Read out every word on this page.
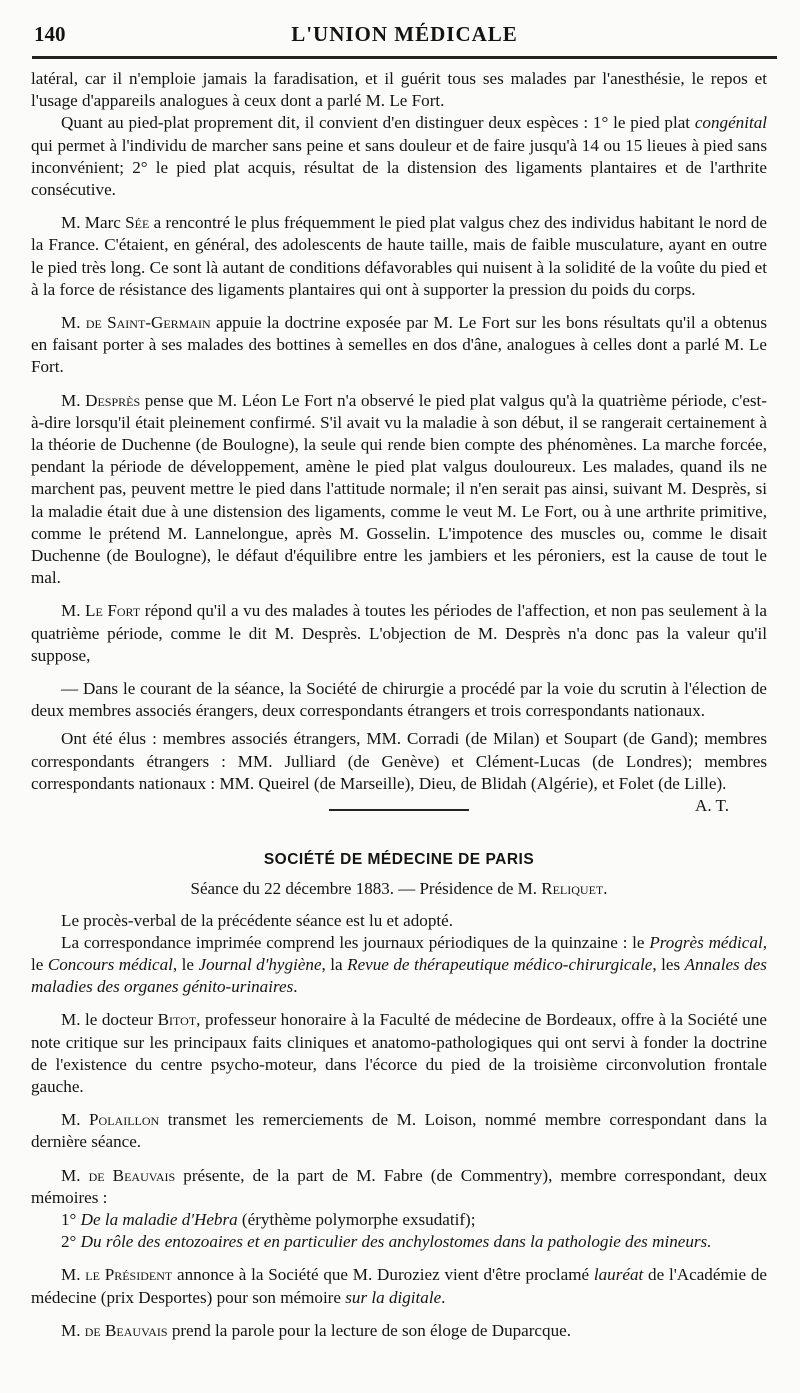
140	L'UNION MÉDICALE

latéral, car il n'emploie jamais la faradisation, et il guérit tous ses malades par l'anesthésie, le repos et l'usage d'appareils analogues à ceux dont a parlé M. Le Fort.

Quant au pied-plat proprement dit, il convient d'en distinguer deux espèces : 1° le pied plat congénital qui permet à l'individu de marcher sans peine et sans douleur et de faire jusqu'à 14 ou 15 lieues à pied sans inconvénient; 2° le pied plat acquis, résultat de la distension des ligaments plantaires et de l'arthrite consécutive.

M. Marc Sée a rencontré le plus fréquemment le pied plat valgus chez des individus habitant le nord de la France. C'étaient, en général, des adolescents de haute taille, mais de faible musculature, ayant en outre le pied très long. Ce sont là autant de conditions défavorables qui nuisent à la solidité de la voûte du pied et à la force de résistance des ligaments plantaires qui ont à supporter la pression du poids du corps.

M. de Saint-Germain appuie la doctrine exposée par M. Le Fort sur les bons résultats qu'il a obtenus en faisant porter à ses malades des bottines à semelles en dos d'âne, analogues à celles dont a parlé M. Le Fort.

M. Desprès pense que M. Léon Le Fort n'a observé le pied plat valgus qu'à la quatrième période, c'est-à-dire lorsqu'il était pleinement confirmé. S'il avait vu la maladie à son début, il se rangerait certainement à la théorie de Duchenne (de Boulogne), la seule qui rende bien compte des phénomènes. La marche forcée, pendant la période de développement, amène le pied plat valgus douloureux. Les malades, quand ils ne marchent pas, peuvent mettre le pied dans l'attitude normale; il n'en serait pas ainsi, suivant M. Desprès, si la maladie était due à une distension des ligaments, comme le veut M. Le Fort, ou à une arthrite primitive, comme le prétend M. Lannelongue, après M. Gosselin. L'impotence des muscles ou, comme le disait Duchenne (de Boulogne), le défaut d'équilibre entre les jambiers et les péroniers, est la cause de tout le mal.

M. Le Fort répond qu'il a vu des malades à toutes les périodes de l'affection, et non pas seulement à la quatrième période, comme le dit M. Desprès. L'objection de M. Desprès n'a donc pas la valeur qu'il suppose,

— Dans le courant de la séance, la Société de chirurgie a procédé par la voie du scrutin à l'élection de deux membres associés érangers, deux correspondants étrangers et trois correspondants nationaux.

Ont été élus : membres associés étrangers, MM. Corradi (de Milan) et Soupart (de Gand); membres correspondants étrangers : MM. Julliard (de Genève) et Clément-Lucas (de Londres); membres correspondants nationaux : MM. Queirel (de Marseille), Dieu, de Blidah (Algérie), et Folet (de Lille).
A. T.

SOCIÉTÉ DE MÉDECINE DE PARIS
Séance du 22 décembre 1883. — Présidence de M. Reliquet.

Le procès-verbal de la précédente séance est lu et adopté.

La correspondance imprimée comprend les journaux périodiques de la quinzaine : le Progrès médical, le Concours médical, le Journal d'hygiène, la Revue de thérapeutique médico-chirurgicale, les Annales des maladies des organes génito-urinaires.

M. le docteur Bitot, professeur honoraire à la Faculté de médecine de Bordeaux, offre à la Société une note critique sur les principaux faits cliniques et anatomo-pathologiques qui ont servi à fonder la doctrine de l'existence du centre psycho-moteur, dans l'écorce du pied de la troisième circonvolution frontale gauche.

M. Polaillon transmet les remerciements de M. Loison, nommé membre correspondant dans la dernière séance.

M. de Beauvais présente, de la part de M. Fabre (de Commentry), membre correspondant, deux mémoires :

1° De la maladie d'Hebra (érythème polymorphe exsudatif);

2° Du rôle des entozoaires et en particulier des anchylostomes dans la pathologie des mineurs.

M. le Président annonce à la Société que M. Duroziez vient d'être proclamé lauréat de l'Académie de médecine (prix Desportes) pour son mémoire sur la digitale.

M. de Beauvais prend la parole pour la lecture de son éloge de Duparcque.
